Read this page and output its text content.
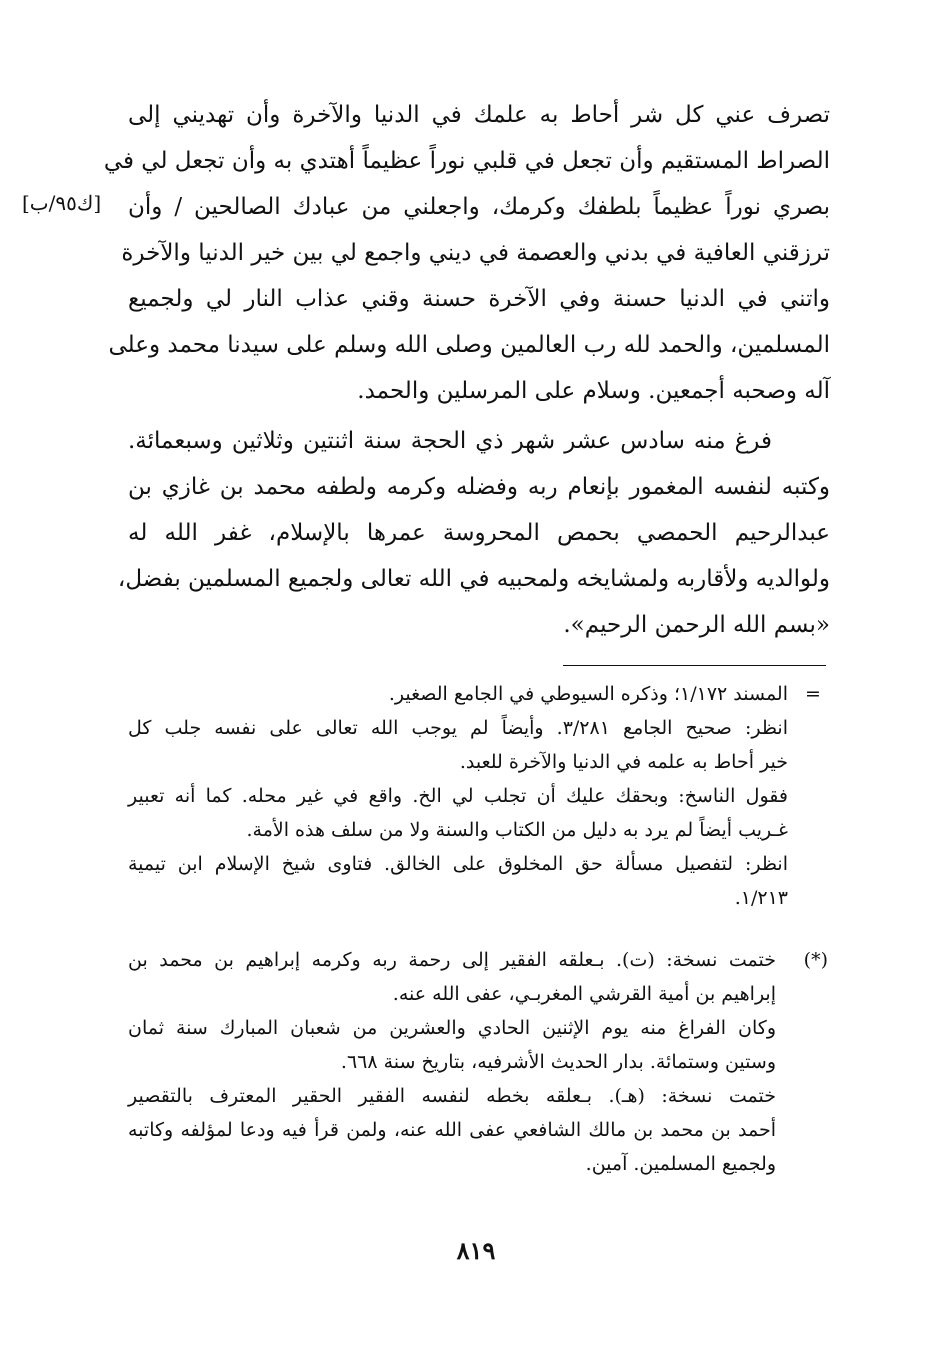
[ك٩٥/ب]
تصرف عني كل شر أحاط به علمك في الدنيا والآخرة وأن تهديني إلى
الصراط المستقيم وأن تجعل في قلبي نوراً عظيماً أهتدي به وأن تجعل لي في
بصري نوراً عظيماً بلطفك وكرمك، واجعلني من عبادك الصالحين / وأن
ترزقني العافية في بدني والعصمة في ديني واجمع لي بين خير الدنيا والآخرة
واتني في الدنيا حسنة وفي الآخرة حسنة وقني عذاب النار لي ولجميع
المسلمين، والحمد لله رب العالمين وصلى الله وسلم على سيدنا محمد وعلى
آله وصحبه أجمعين. وسلام على المرسلين والحمد.
فرغ منه سادس عشر شهر ذي الحجة سنة اثنتين وثلاثين وسبعمائة.
وكتبه لنفسه المغمور بإنعام ربه وفضله وكرمه ولطفه محمد بن غازي بن
عبدالرحيم الحمصي بحمص المحروسة عمرها بالإسلام، غفر الله له
ولوالديه ولأقاربه ولمشايخه ولمحبيه في الله تعالى ولجميع المسلمين بفضل،
«بسم الله الرحمن الرحيم».
=
المسند ١/١٧٢؛ وذكره السيوطي في الجامع الصغير.
انظر: صحيح الجامع ٣/٢٨١. وأيضاً لم يوجب الله تعالى على نفسه جلب كل
خير أحاط به علمه في الدنيا والآخرة للعبد.
فقول الناسخ: وبحقك عليك أن تجلب لي الخ. واقع في غير محله. كما أنه تعبير
غـريب أيضاً لم يرد به دليل من الكتاب والسنة ولا من سلف هذه الأمة.
انظر: لتفصيل مسألة حق المخلوق على الخالق. فتاوى شيخ الإسلام ابن تيمية
١/٢١٣.
(*)
ختمت نسخة: (ت). بـعلقه الفقير إلى رحمة ربه وكرمه إبراهيم بن محمد بن
إبراهيم بن أمية القرشي المغربـي، عفى الله عنه.
وكان الفراغ منه يوم الإثنين الحادي والعشرين من شعبان المبارك سنة ثمان
وستين وستمائة. بدار الحديث الأشرفيه، بتاريخ سنة ٦٦٨.
ختمت نسخة: (هـ). بـعلقه بخطه لنفسه الفقير الحقير المعترف بالتقصير
أحمد بن محمد بن مالك الشافعي عفى الله عنه، ولمن قرأ فيه ودعا لمؤلفه وكاتبه
ولجميع المسلمين. آمين.
٨١٩
